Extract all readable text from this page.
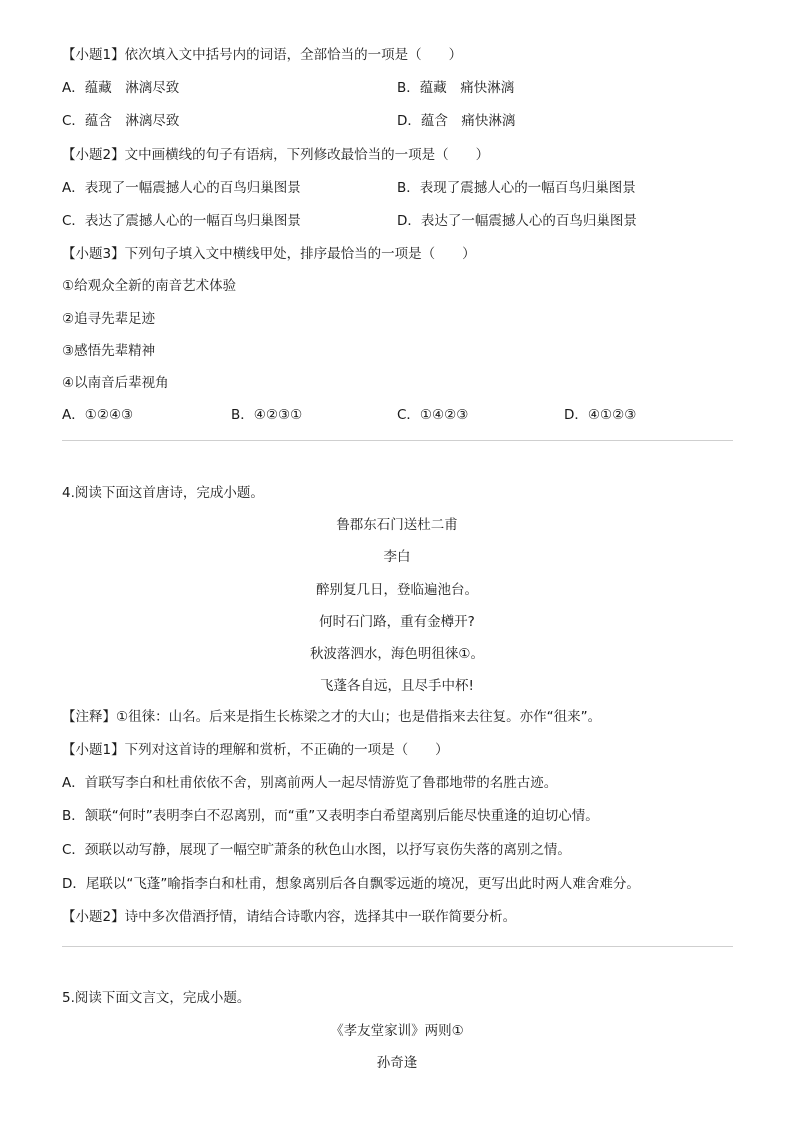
【小题1】依次填入文中括号内的词语，全部恰当的一项是（　　）
A．蕴藏　淋漓尽致	B．蕴藏　痛快淋漓
C．蕴含　淋漓尽致	D．蕴含　痛快淋漓
【小题2】文中画横线的句子有语病，下列修改最恰当的一项是（　　）
A．表现了一幅震撼人心的百鸟归巢图景	B．表现了震撼人心的一幅百鸟归巢图景
C．表达了震撼人心的一幅百鸟归巢图景	D．表达了一幅震撼人心的百鸟归巢图景
【小题3】下列句子填入文中横线甲处，排序最恰当的一项是（　　）
①给观众全新的南音艺术体验
②追寻先辈足迹
③感悟先辈精神
④以南音后辈视角
A．①②④③	B．④②③①	C．①④②③	D．④①②③
4.阅读下面这首唐诗，完成小题。
鲁郡东石门送杜二甫
李白
醉别复几日，登临遍池台。
何时石门路，重有金樽开?
秋波落泗水，海色明徂徕①。
飞蓬各自远，且尽手中杯!
【注释】①徂徕：山名。后来是指生长栋梁之才的大山；也是借指来去往复。亦作“徂来”。
【小题1】下列对这首诗的理解和赏析，不正确的一项是（　　）
A．首联写李白和杜甫依依不舍，别离前两人一起尽情游览了鲁郡地带的名胜古迹。
B．颔联“何时”表明李白不忍离别，而“重”又表明李白希望离别后能尽快重逢的迫切心情。
C．颈联以动写静，展现了一幅空旷萧条的秋色山水图，以抒写哀伤失落的离别之情。
D．尾联以“飞蓬”喻指李白和杜甫，想象离别后各自飘零远逝的境况，更写出此时两人难舍难分。
【小题2】诗中多次借酒抒情，请结合诗歌内容，选择其中一联作简要分析。
5.阅读下面文言文，完成小题。
《孝友堂家训》两则①
孙奇逢
